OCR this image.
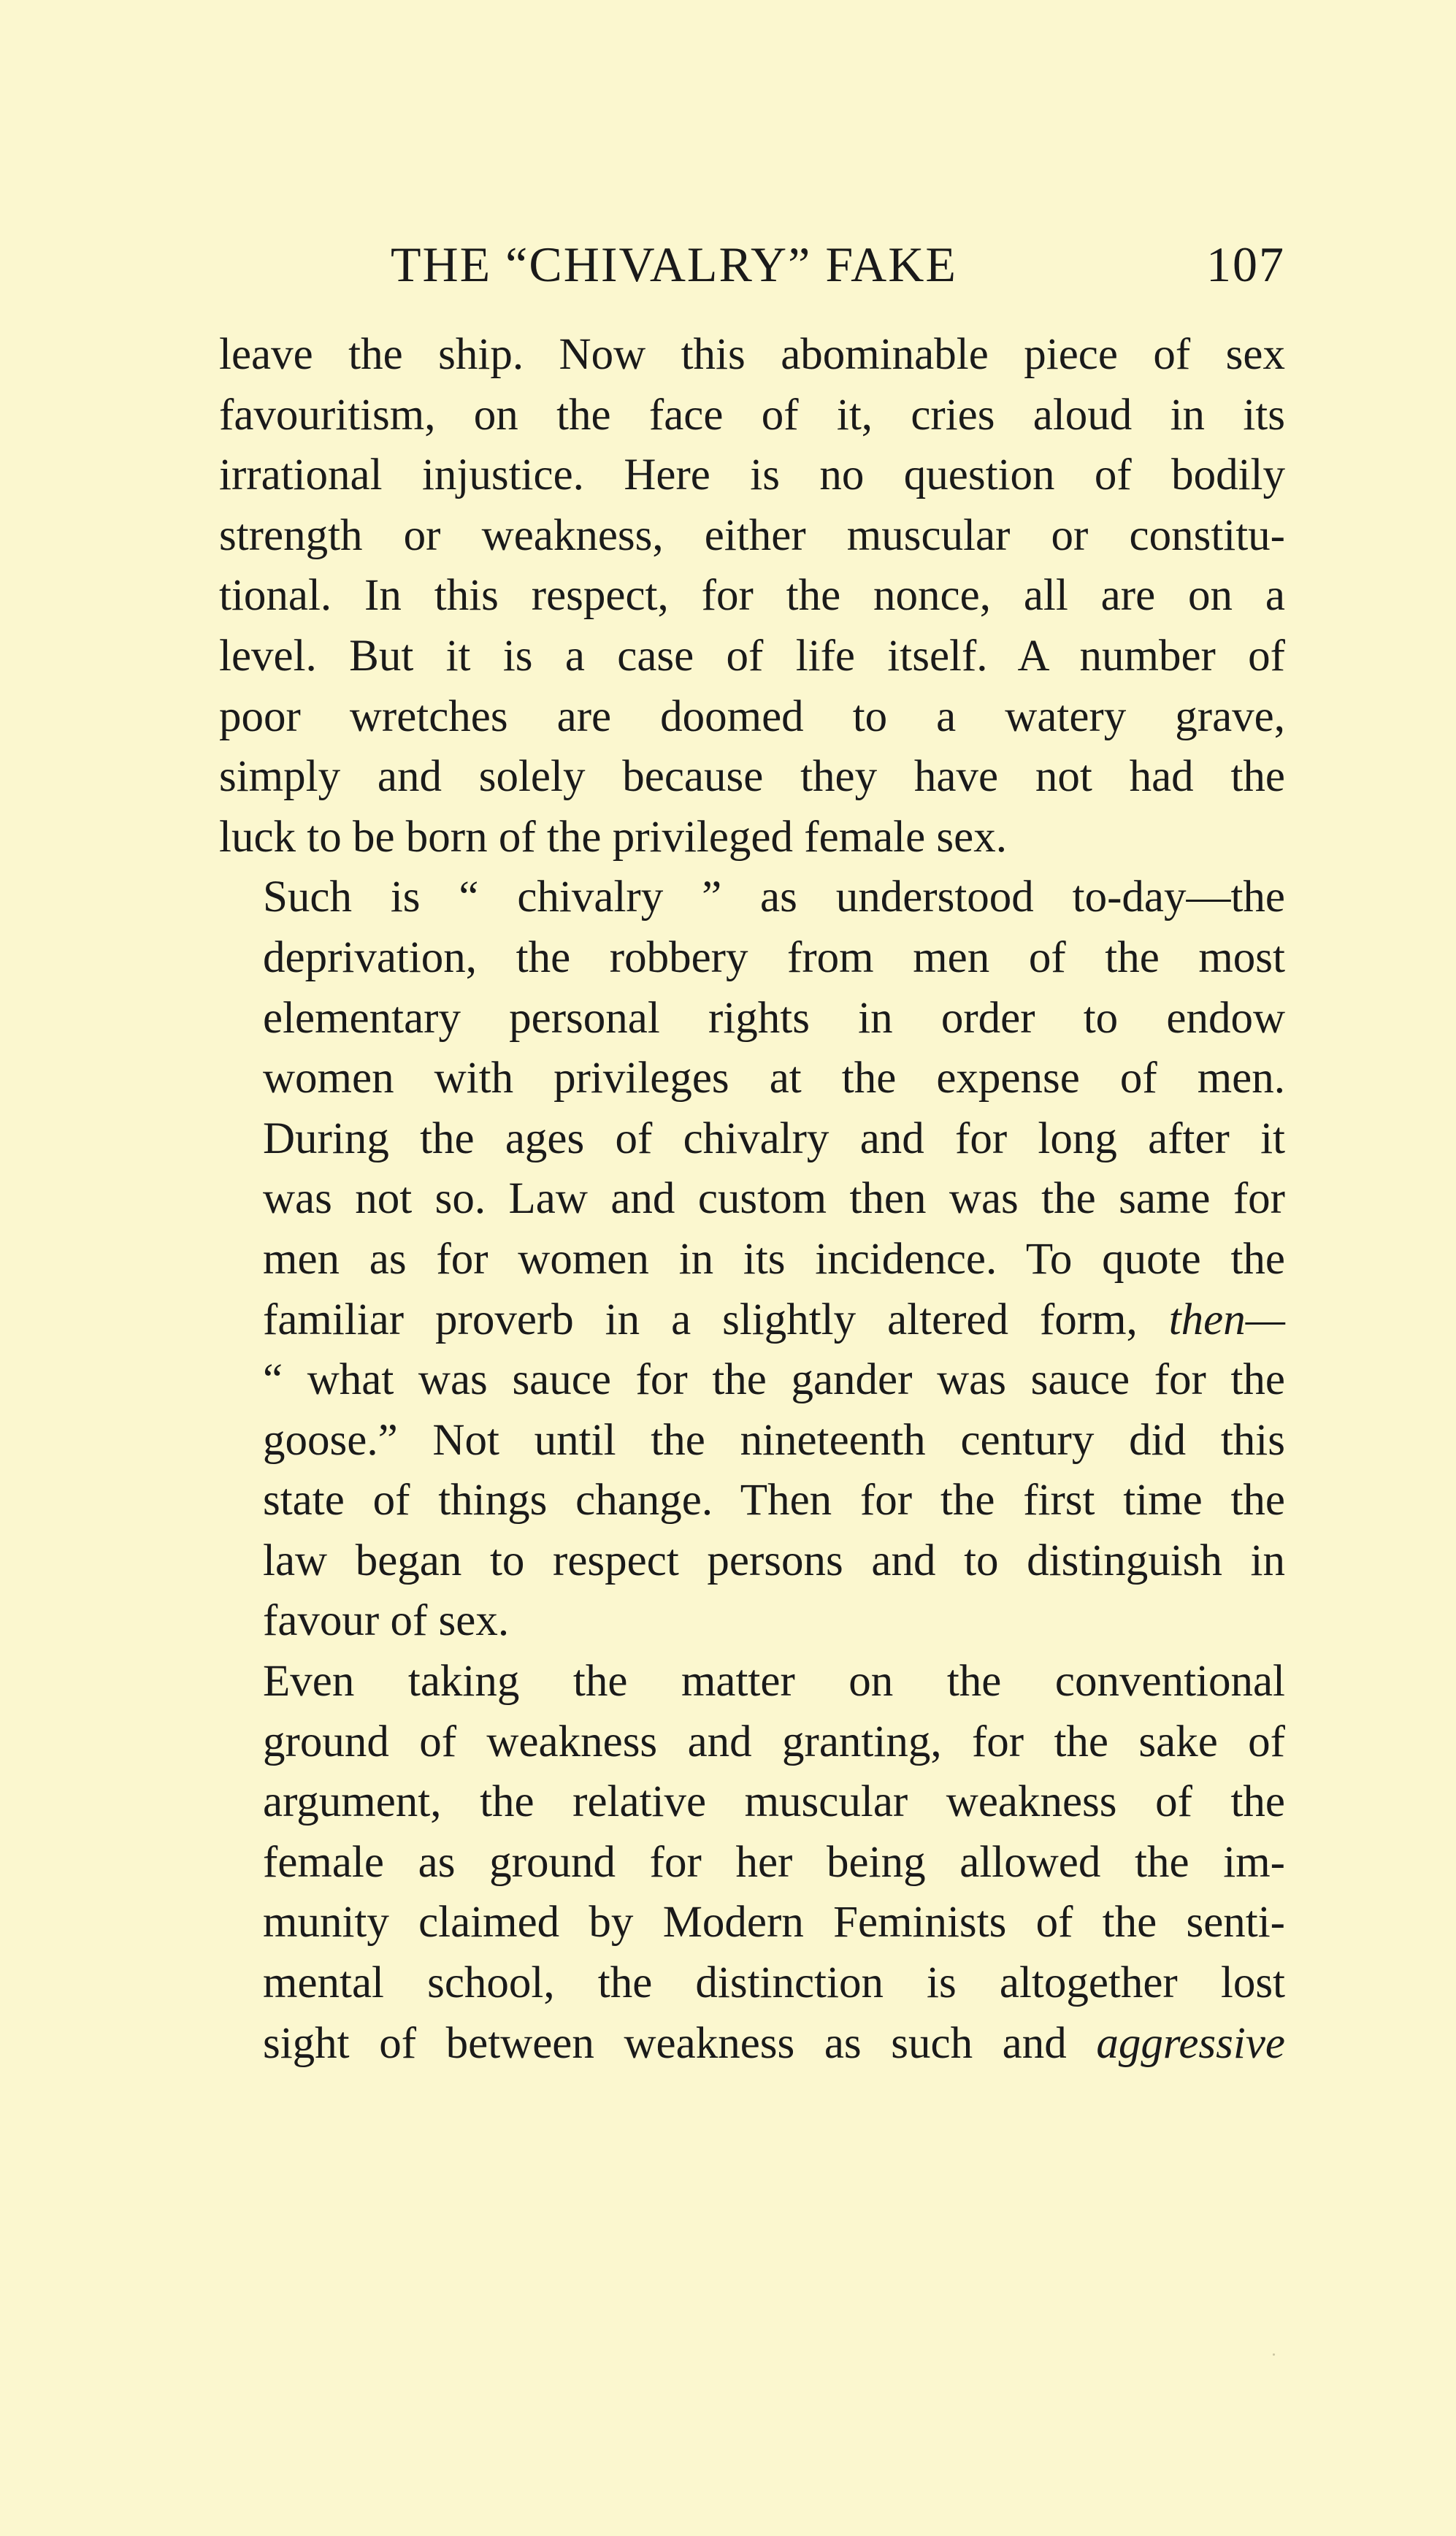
THE “CHIVALRY” FAKE	107

leave the ship. Now this abominable piece of sex
favouritism, on the face of it, cries aloud in its
irrational injustice. Here is no question of bodily
strength or weakness, either muscular or constitu-
tional. In this respect, for the nonce, all are on a
level. But it is a case of life itself. A number of
poor wretches are doomed to a watery grave,
simply and solely because they have not had the
luck to be born of the privileged female sex.

Such is “ chivalry ” as understood to-day—the
deprivation, the robbery from men of the most
elementary personal rights in order to endow
women with privileges at the expense of men.
During the ages of chivalry and for long after it
was not so. Law and custom then was the same for
men as for women in its incidence. To quote the
familiar proverb in a slightly altered form, then—
“ what was sauce for the gander was sauce for the
goose.” Not until the nineteenth century did this
state of things change. Then for the first time the
law began to respect persons and to distinguish in
favour of sex.

Even taking the matter on the conventional
ground of weakness and granting, for the sake of
argument, the relative muscular weakness of the
female as ground for her being allowed the im-
munity claimed by Modern Feminists of the senti-
mental school, the distinction is altogether lost
sight of between weakness as such and aggressive
